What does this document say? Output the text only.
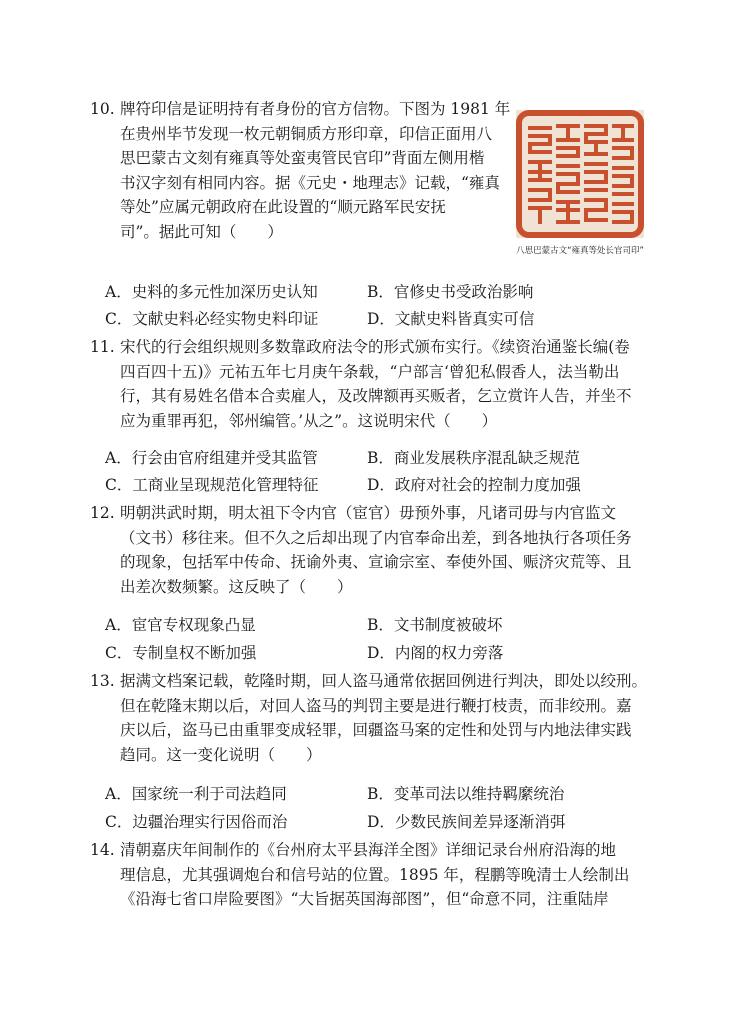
10. 牌符印信是证明持有者身份的官方信物。下图为 1981 年
在贵州毕节发现一枚元朝铜质方形印章，印信正面用八
思巴蒙古文刻有雍真等处蛮夷管民官印”背面左侧用楷
书汉字刻有相同内容。据《元史・地理志》记载，“雍真
等处”应属元朝政府在此设置的“顺元路军民安抚
司”。据此可知（　　）
八思巴蒙古文“雍真等处长官司印”
A．史料的多元性加深历史认知	B．官修史书受政治影响
C．文献史料必经实物史料印证	D．文献史料皆真实可信
11. 宋代的行会组织规则多数靠政府法令的形式颁布实行。《续资治通鉴长编(卷
四百四十五)》元祐五年七月庚午条载，“户部言‘曾犯私假香人，法当勒出
行，其有易姓名借本合卖雇人，及改牌额再买贩者，乞立赏许人告，并坐不
应为重罪再犯，邻州编管。’从之”。这说明宋代（　　）
A．行会由官府组建并受其监管	B．商业发展秩序混乱缺乏规范
C．工商业呈现规范化管理特征	D．政府对社会的控制力度加强
12. 明朝洪武时期，明太祖下令内官（宦官）毋预外事，凡诸司毋与内官监文
（文书）移往来。但不久之后却出现了内官奉命出差，到各地执行各项任务
的现象，包括军中传命、抚谕外夷、宣谕宗室、奉使外国、赈济灾荒等、且
出差次数频繁。这反映了（　　）
A．宦官专权现象凸显	B．文书制度被破坏
C．专制皇权不断加强	D．内阁的权力旁落
13. 据满文档案记载，乾隆时期，回人盗马通常依据回例进行判决，即处以绞刑。
但在乾隆末期以后，对回人盗马的判罚主要是进行鞭打枝责，而非绞刑。嘉
庆以后，盗马已由重罪变成轻罪，回疆盗马案的定性和处罚与内地法律实践
趋同。这一变化说明（　　）
A．国家统一利于司法趋同	B．变革司法以维持羁縻统治
C．边疆治理实行因俗而治	D．少数民族间差异逐渐消弭
14. 清朝嘉庆年间制作的《台州府太平县海洋全图》详细记录台州府沿海的地
理信息，尤其强调炮台和信号站的位置。1895 年，程鹏等晚清士人绘制出
《沿海七省口岸险要图》“大旨据英国海部图”，但“命意不同，注重陆岸
